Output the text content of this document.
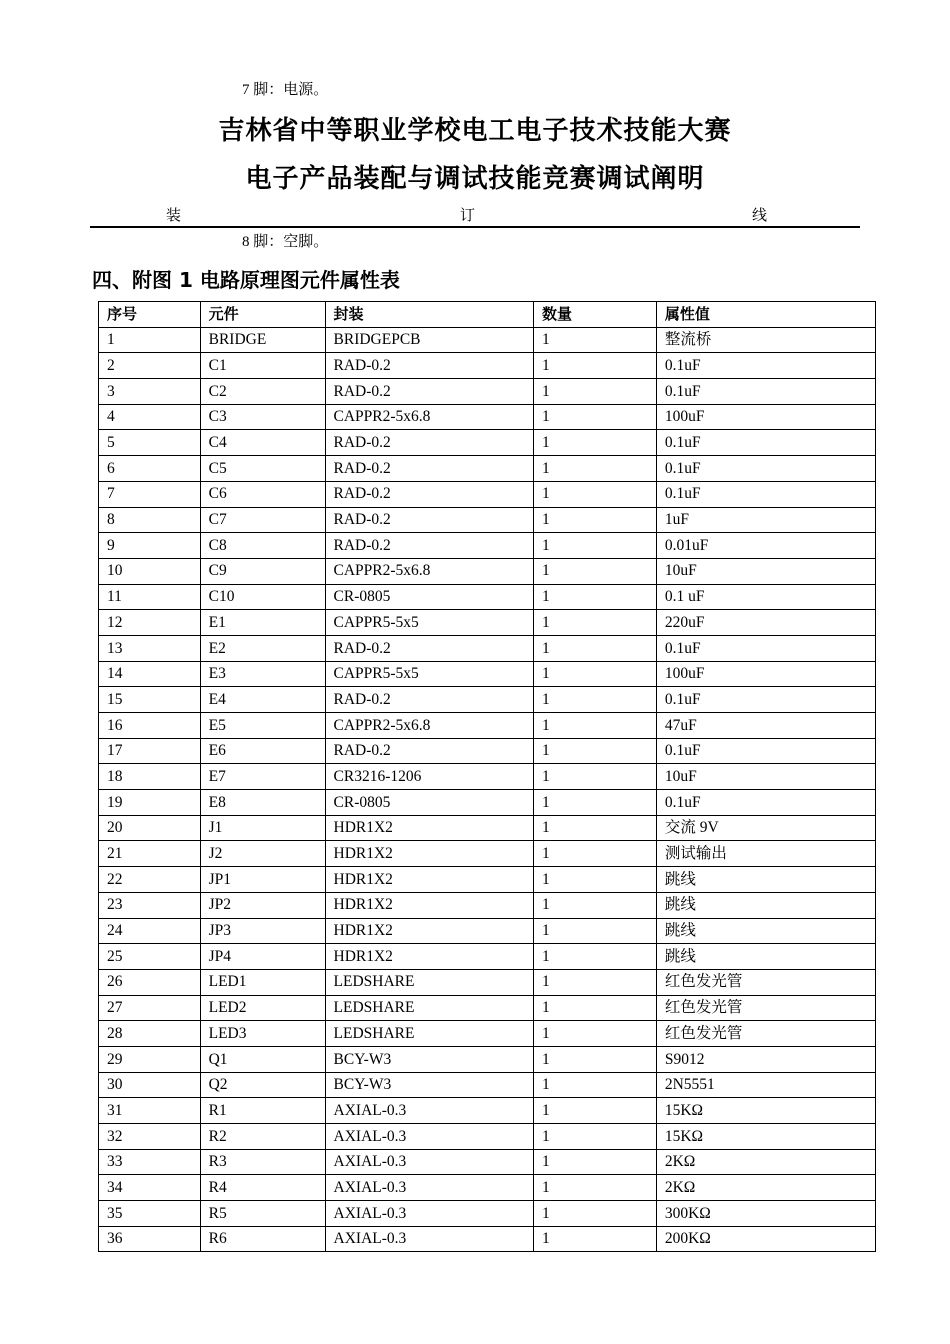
7 脚：电源。
吉林省中等职业学校电工电子技术技能大赛
电子产品装配与调试技能竞赛调试阐明
装	订	线
8 脚：空脚。
四、附图 1 电路原理图元件属性表
序号	元件	封装	数量	属性值
1	BRIDGE	BRIDGEPCB	1	整流桥
2	C1	RAD-0.2	1	0.1uF
3	C2	RAD-0.2	1	0.1uF
4	C3	CAPPR2-5x6.8	1	100uF
5	C4	RAD-0.2	1	0.1uF
6	C5	RAD-0.2	1	0.1uF
7	C6	RAD-0.2	1	0.1uF
8	C7	RAD-0.2	1	1uF
9	C8	RAD-0.2	1	0.01uF
10	C9	CAPPR2-5x6.8	1	10uF
11	C10	CR-0805	1	0.1 uF
12	E1	CAPPR5-5x5	1	220uF
13	E2	RAD-0.2	1	0.1uF
14	E3	CAPPR5-5x5	1	100uF
15	E4	RAD-0.2	1	0.1uF
16	E5	CAPPR2-5x6.8	1	47uF
17	E6	RAD-0.2	1	0.1uF
18	E7	CR3216-1206	1	10uF
19	E8	CR-0805	1	0.1uF
20	J1	HDR1X2	1	交流 9V
21	J2	HDR1X2	1	测试输出
22	JP1	HDR1X2	1	跳线
23	JP2	HDR1X2	1	跳线
24	JP3	HDR1X2	1	跳线
25	JP4	HDR1X2	1	跳线
26	LED1	LEDSHARE	1	红色发光管
27	LED2	LEDSHARE	1	红色发光管
28	LED3	LEDSHARE	1	红色发光管
29	Q1	BCY-W3	1	S9012
30	Q2	BCY-W3	1	2N5551
31	R1	AXIAL-0.3	1	15KΩ
32	R2	AXIAL-0.3	1	15KΩ
33	R3	AXIAL-0.3	1	2KΩ
34	R4	AXIAL-0.3	1	2KΩ
35	R5	AXIAL-0.3	1	300KΩ
36	R6	AXIAL-0.3	1	200KΩ
